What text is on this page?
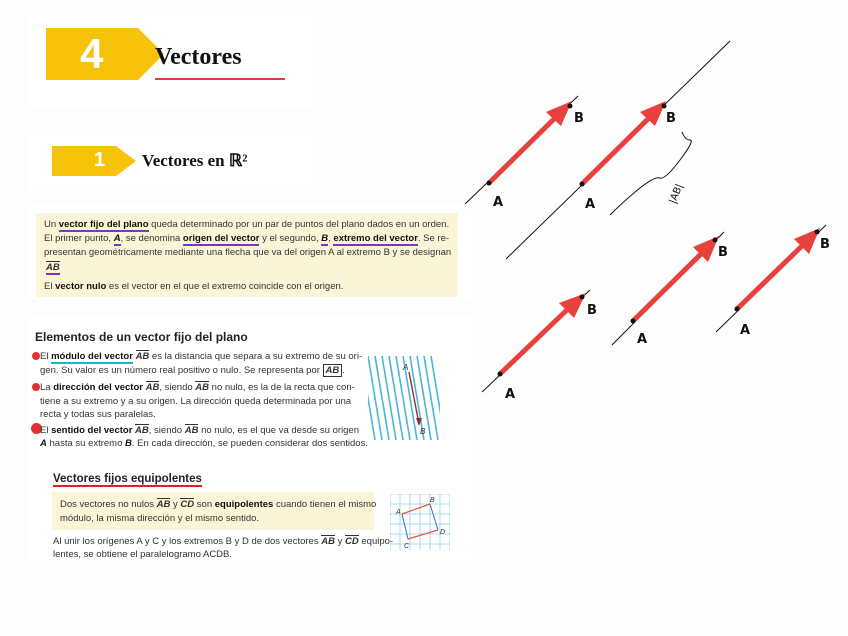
4 Vectores
1 Vectores en ℝ²
Un vector fijo del plano queda determinado por un par de puntos del plano dados en un orden.
El primer punto, A, se denomina origen del vector y el segundo, B, extremo del vector. Se re-
presentan geométricamente mediante una flecha que va del origen A al extremo B y se designan
AB
El vector nulo es el vector en el que el extremo coincide con el origen.
Elementos de un vector fijo del plano
El módulo del vector AB es la distancia que separa a su extremo de su ori-
gen. Su valor es un número real positivo o nulo. Se representa por AB .
La dirección del vector AB, siendo AB no nulo, es la de la recta que con-
tiene a su extremo y a su origen. La dirección queda determinada por una
recta y todas sus paralelas.
El sentido del vector AB, siendo AB no nulo, es el que va desde su origen
A hasta su extremo B. En cada dirección, se pueden considerar dos sentidos.
A
B
Vectores fijos equipolentes
Dos vectores no nulos AB y CD son equipolentes cuando tienen el mismo
módulo, la misma dirección y el mismo sentido.
Al unir los orígenes A y C y los extremos B y D de dos vectores AB y CD equipo-
lentes, se obtiene el paralelogramo ACDB.
A
B
C
D
A
B
A
B
A
B
A
B
A
B
|AB|
